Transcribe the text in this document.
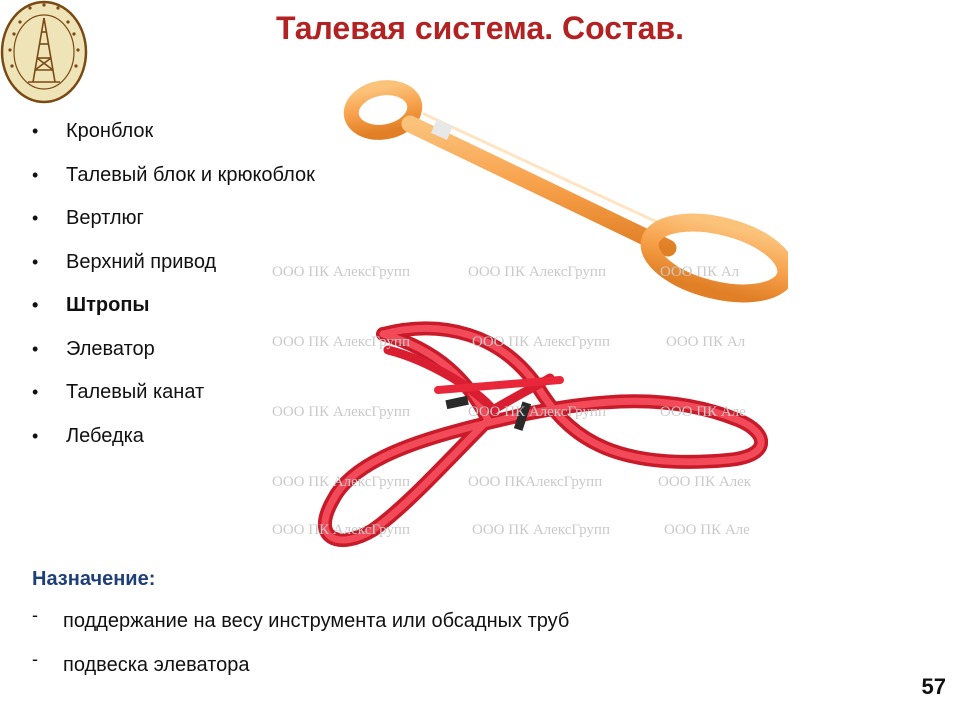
Талевая система. Состав.
• Кронблок
• Талевый блок и крюкоблок
• Вертлюг
• Верхний привод
• Штропы
• Элеватор
• Талевый канат
• Лебедка
ООО ПК АлексГрупп	ООО ПК АлексГрупп	ООО ПК Ал
ООО ПК АлексГрупп	ООО ПК АлексГрупп	ООО ПК Ал
ООО ПК АлексГрупп	ООО ПК АлексГрупп	ООО ПК Але
ООО ПК АлексГрупп	ООО ПКАлексГрупп	ООО ПК Алек
ООО ПК АлексГрупп	ООО ПК АлексГрупп	ООО ПК Але
Назначение:
- поддержание на весу инструмента или обсадных труб
- подвеска элеватора
57
